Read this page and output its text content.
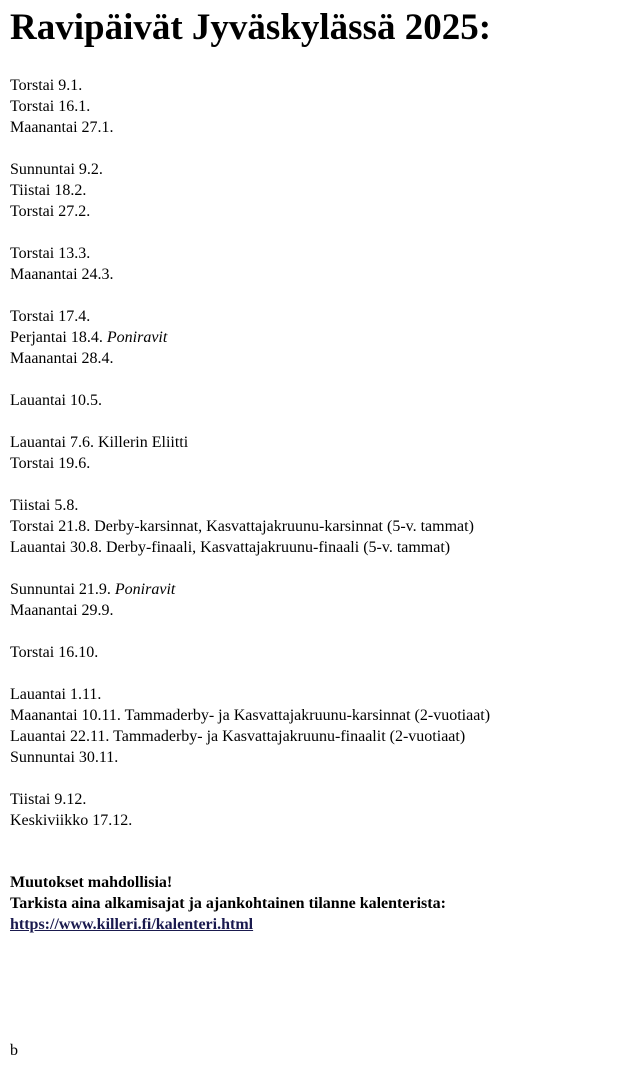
Ravipäivät Jyväskylässä 2025:
Torstai 9.1.
Torstai 16.1.
Maanantai 27.1.
Sunnuntai 9.2.
Tiistai 18.2.
Torstai 27.2.
Torstai 13.3.
Maanantai 24.3.
Torstai 17.4.
Perjantai 18.4. Poniravit
Maanantai 28.4.
Lauantai 10.5.
Lauantai 7.6. Killerin Eliitti
Torstai 19.6.
Tiistai 5.8.
Torstai 21.8. Derby-karsinnat, Kasvattajakruunu-karsinnat (5-v. tammat)
Lauantai 30.8. Derby-finaali, Kasvattajakruunu-finaali (5-v. tammat)
Sunnuntai 21.9. Poniravit
Maanantai 29.9.
Torstai 16.10.
Lauantai 1.11.
Maanantai 10.11. Tammaderby- ja Kasvattajakruunu-karsinnat (2-vuotiaat)
Lauantai 22.11. Tammaderby- ja Kasvattajakruunu-finaalit (2-vuotiaat)
Sunnuntai 30.11.
Tiistai 9.12.
Keskiviikko 17.12.
Muutokset mahdollisia!
Tarkista aina alkamisajat ja ajankohtainen tilanne kalenterista:
https://www.killeri.fi/kalenteri.html
b
